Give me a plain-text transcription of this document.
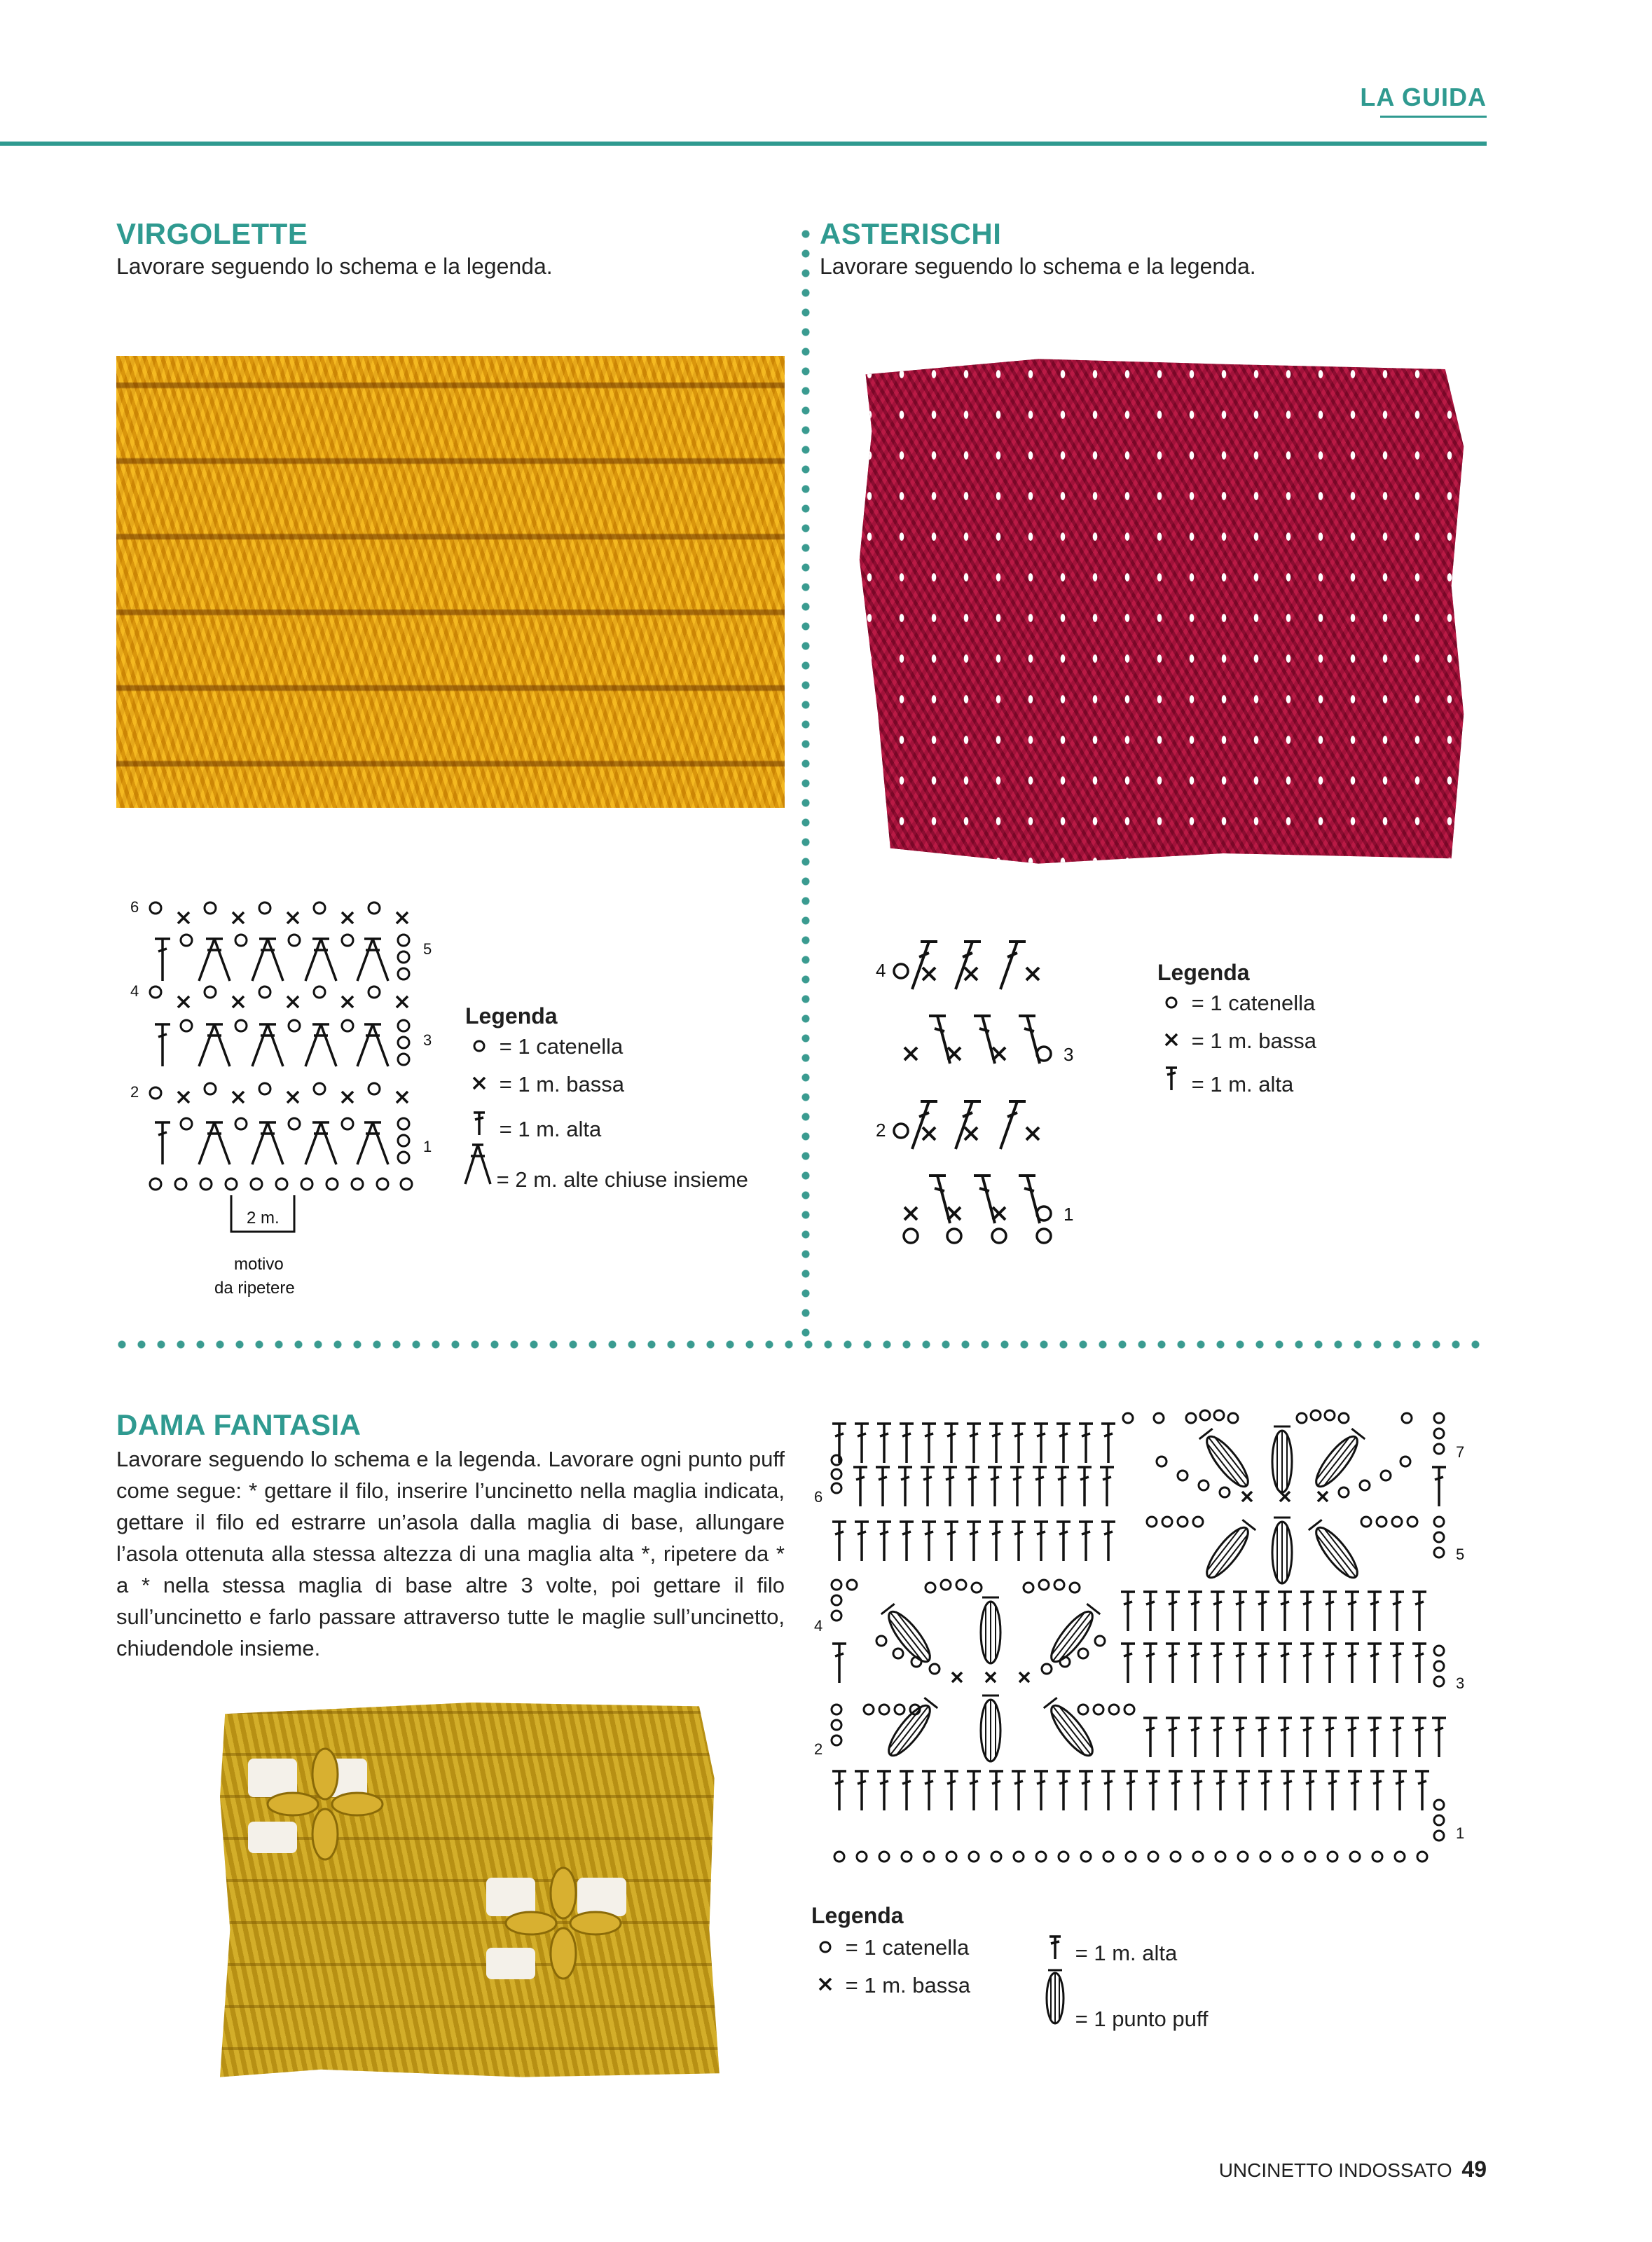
LA GUIDA
VIRGOLETTE
Lavorare seguendo lo schema e la legenda.
6
5
4
3
2
1
2 m.
motivo
da ripetere
Legenda
= 1 catenella
= 1 m. bassa
= 1 m. alta
= 2 m. alte chiuse insieme
ASTERISCHI
Lavorare seguendo lo schema e la legenda.
4
3
2
1
Legenda
= 1 catenella
= 1 m. bassa
= 1 m. alta
DAMA FANTASIA
Lavorare seguendo lo schema e la legenda. Lavorare ogni punto puff come segue: * gettare il filo, inserire l’uncinetto nella maglia indicata, gettare il filo ed estrarre un’asola dalla maglia di base, allungare l’asola ottenuta alla stessa altezza di una maglia alta *, ripetere da * a * nella stessa maglia di base altre 3 volte, poi gettare il filo sull’uncinetto e farlo passare attraverso tutte le maglie sull’uncinetto, chiudendole insieme.
7
6
5
4
3
2
1
Legenda
= 1 catenella
= 1 m. bassa
= 1 m. alta
= 1 punto puff
UNCINETTO INDOSSATO 49
